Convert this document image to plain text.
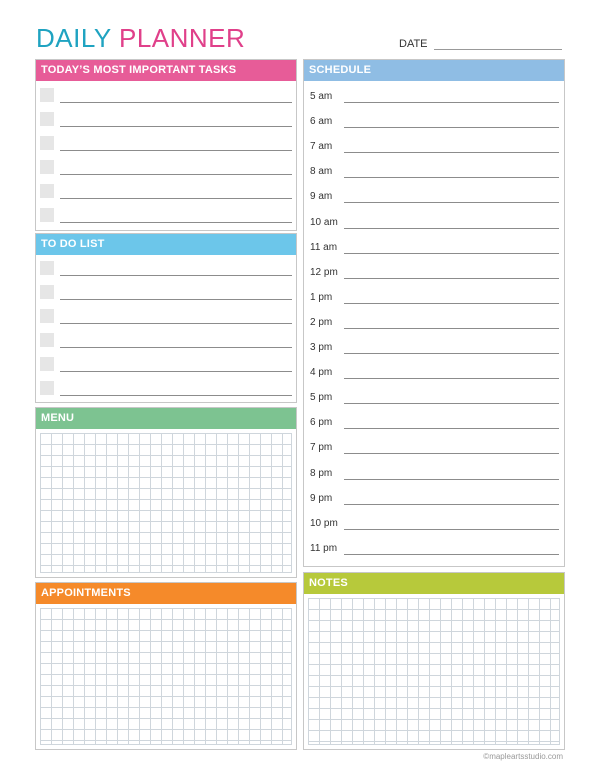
DAILY PLANNER	DATE
TODAY’S MOST IMPORTANT TASKS
TO DO LIST
MENU
APPOINTMENTS
SCHEDULE
5 am
6 am
7 am
8 am
9 am
10 am
11 am
12 pm
1 pm
2 pm
3 pm
4 pm
5 pm
6 pm
7 pm
8 pm
9 pm
10 pm
11 pm
NOTES
©mapleartsstudio.com
